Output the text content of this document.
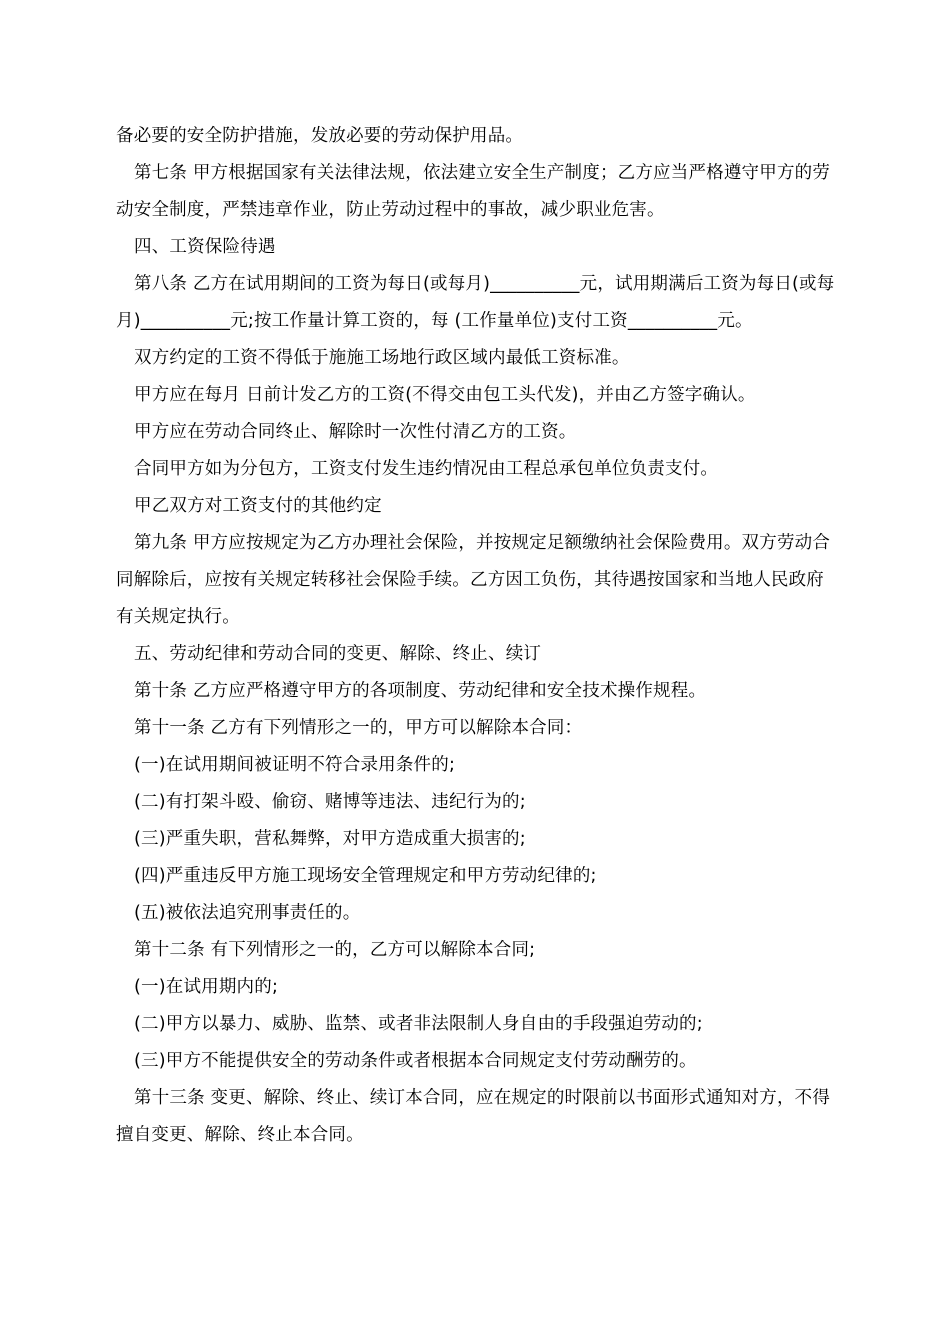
备必要的安全防护措施，发放必要的劳动保护用品。

第七条 甲方根据国家有关法律法规，依法建立安全生产制度；乙方应当严格遵守甲方的劳动安全制度，严禁违章作业，防止劳动过程中的事故，减少职业危害。

四、工资保险待遇

第八条 乙方在试用期间的工资为每日(或每月)__________元，试用期满后工资为每日(或每月)__________元;按工作量计算工资的，每 (工作量单位)支付工资__________元。

双方约定的工资不得低于施施工场地行政区域内最低工资标准。

甲方应在每月 日前计发乙方的工资(不得交由包工头代发)，并由乙方签字确认。

甲方应在劳动合同终止、解除时一次性付清乙方的工资。

合同甲方如为分包方，工资支付发生违约情况由工程总承包单位负责支付。

甲乙双方对工资支付的其他约定

第九条 甲方应按规定为乙方办理社会保险，并按规定足额缴纳社会保险费用。双方劳动合同解除后，应按有关规定转移社会保险手续。乙方因工负伤，其待遇按国家和当地人民政府有关规定执行。

五、劳动纪律和劳动合同的变更、解除、终止、续订

第十条 乙方应严格遵守甲方的各项制度、劳动纪律和安全技术操作规程。

第十一条 乙方有下列情形之一的，甲方可以解除本合同：

(一)在试用期间被证明不符合录用条件的;

(二)有打架斗殴、偷窃、赌博等违法、违纪行为的;

(三)严重失职，营私舞弊，对甲方造成重大损害的;

(四)严重违反甲方施工现场安全管理规定和甲方劳动纪律的;

(五)被依法追究刑事责任的。

第十二条 有下列情形之一的，乙方可以解除本合同;

(一)在试用期内的;

(二)甲方以暴力、威胁、监禁、或者非法限制人身自由的手段强迫劳动的;

(三)甲方不能提供安全的劳动条件或者根据本合同规定支付劳动酬劳的。

第十三条 变更、解除、终止、续订本合同，应在规定的时限前以书面形式通知对方，不得擅自变更、解除、终止本合同。
